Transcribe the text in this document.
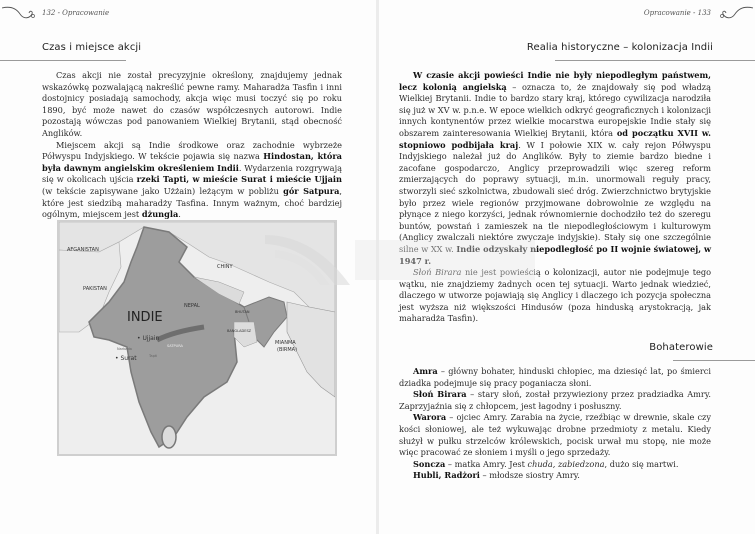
132 - Opracowanie
Czas i miejsce akcji

Czas akcji nie został precyzyjnie określony, znajdujemy jednak wskazówkę pozwalającą nakreślić pewne ramy. Maharadża Tasfin i inni dostojnicy posiadają samochody, akcja więc musi toczyć się po roku 1890, być może nawet do czasów współczesnych autorowi. Indie pozostają wówczas pod panowaniem Wielkiej Brytanii, stąd obecność Anglików.

Miejscem akcji są Indie środkowe oraz zachodnie wybrzeże Półwyspu Indyjskiego. W tekście pojawia się nazwa Hindostan, która była dawnym angielskim określeniem Indii. Wydarzenia rozgrywają się w okolicach ujścia rzeki Tapti, w mieście Surat i mieście Ujjain (w tekście zapisywane jako Użżain) leżącym w pobliżu gór Satpura, które jest siedzibą maharadży Tasfina. Innym ważnym, choć bardziej ogólnym, miejscem jest dżungla.

AFGANISTAN
PAKISTAN
CHINY
NEPAL
BHUTAN
BANGLADESZ
MIANMA
(BIRMA)
INDIE
• Ujjain
Narbada
SATPURA
Tapti
• Surat
Opracowanie - 133
Realia historyczne – kolonizacja Indii

W czasie akcji powieści Indie nie były niepodległym państwem, lecz kolonią angielską – oznacza to, że znajdowały się pod władzą Wielkiej Brytanii. Indie to bardzo stary kraj, którego cywilizacja narodziła się już w XV w. p.n.e. W epoce wielkich odkryć geograficznych i kolonizacji innych kontynentów przez wielkie mocarstwa europejskie Indie stały się obszarem zainteresowania Wielkiej Brytanii, która od początku XVII w. stopniowo podbijała kraj. W I połowie XIX w. cały rejon Półwyspu Indyjskiego należał już do Anglików. Były to ziemie bardzo biedne i zacofane gospodarczo, Anglicy przeprowadzili więc szereg reform zmierzających do poprawy sytuacji, m.in. unormowali reguły pracy, stworzyli sieć szkolnictwa, zbudowali sieć dróg. Zwierzchnictwo brytyjskie było przez wiele regionów przyjmowane dobrowolnie ze względu na płynące z niego korzyści, jednak równomiernie dochodziło też do szeregu buntów, powstań i zamieszek na tle niepodległościowym i kulturowym (Anglicy zwalczali niektóre zwyczaje indyjskie). Stały się one szczególnie silne w XX w. Indie odzyskały niepodległość po II wojnie światowej, w 1947 r.

Słoń Birara nie jest powieścią o kolonizacji, autor nie podejmuje tego wątku, nie znajdziemy żadnych ocen tej sytuacji. Warto jednak wiedzieć, dlaczego w utworze pojawiają się Anglicy i dlaczego ich pozycja społeczna jest wyższa niż większości Hindusów (poza hinduską arystokracją, jak maharadża Tasfin).

Bohaterowie

Amra – główny bohater, hinduski chłopiec, ma dziesięć lat, po śmierci dziadka podejmuje się pracy poganiacza słoni.

Słoń Birara – stary słoń, został przywieziony przez pradziadka Amry. Zaprzyjaźnia się z chłopcem, jest łagodny i posłuszny.

Warora – ojciec Amry. Zarabia na życie, rzeźbiąc w drewnie, skale czy kości słoniowej, ale też wykuwając drobne przedmioty z metalu. Kiedy służył w pułku strzelców królewskich, pocisk urwał mu stopę, nie może więc pracować ze słoniem i myśli o jego sprzedaży.

Soncza – matka Amry. Jest chuda, zabiedzona, dużo się martwi.

Hubli, Radżori – młodsze siostry Amry.
